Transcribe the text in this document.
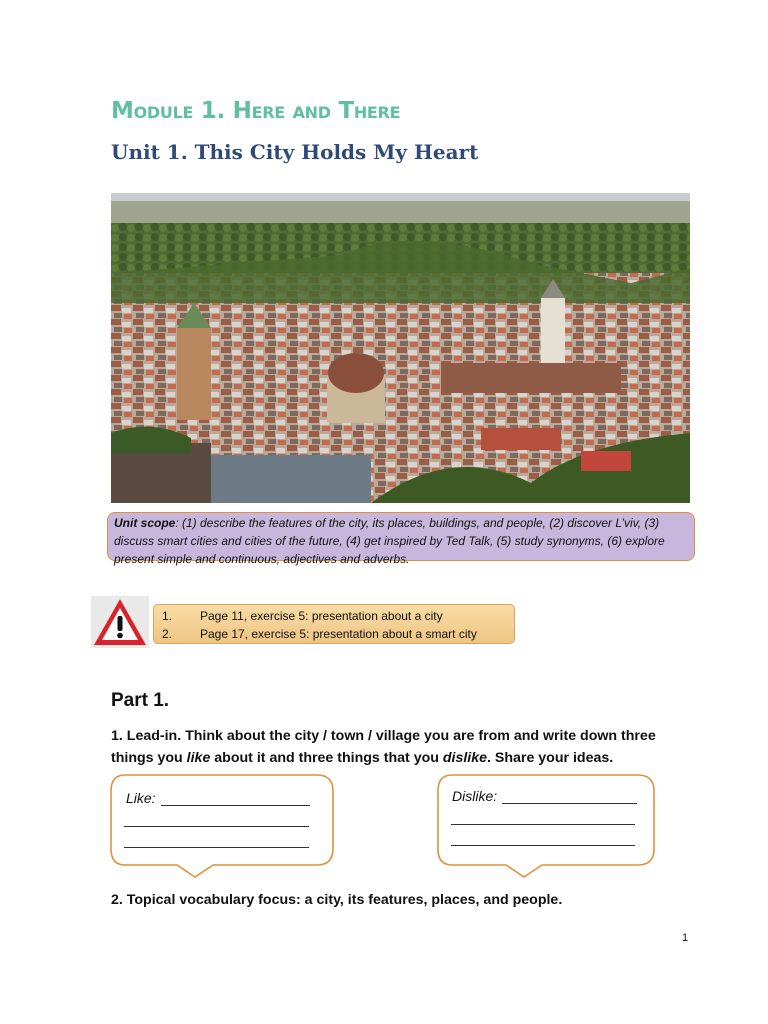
Module 1. Here and There
Unit 1. This City Holds My Heart
Unit scope: (1) describe the features of the city, its places, buildings, and people, (2) discover L’viv, (3) discuss smart cities and cities of the future, (4) get inspired by Ted Talk, (5) study synonyms, (6) explore present simple and continuous, adjectives and adverbs.
1. Page 11, exercise 5: presentation about a city
2. Page 17, exercise 5: presentation about a smart city
Part 1.

1. Lead-in. Think about the city / town / village you are from and write down three things you like about it and three things that you dislike. Share your ideas.

Like:	Dislike:

2. Topical vocabulary focus: a city, its features, places, and people.

1
